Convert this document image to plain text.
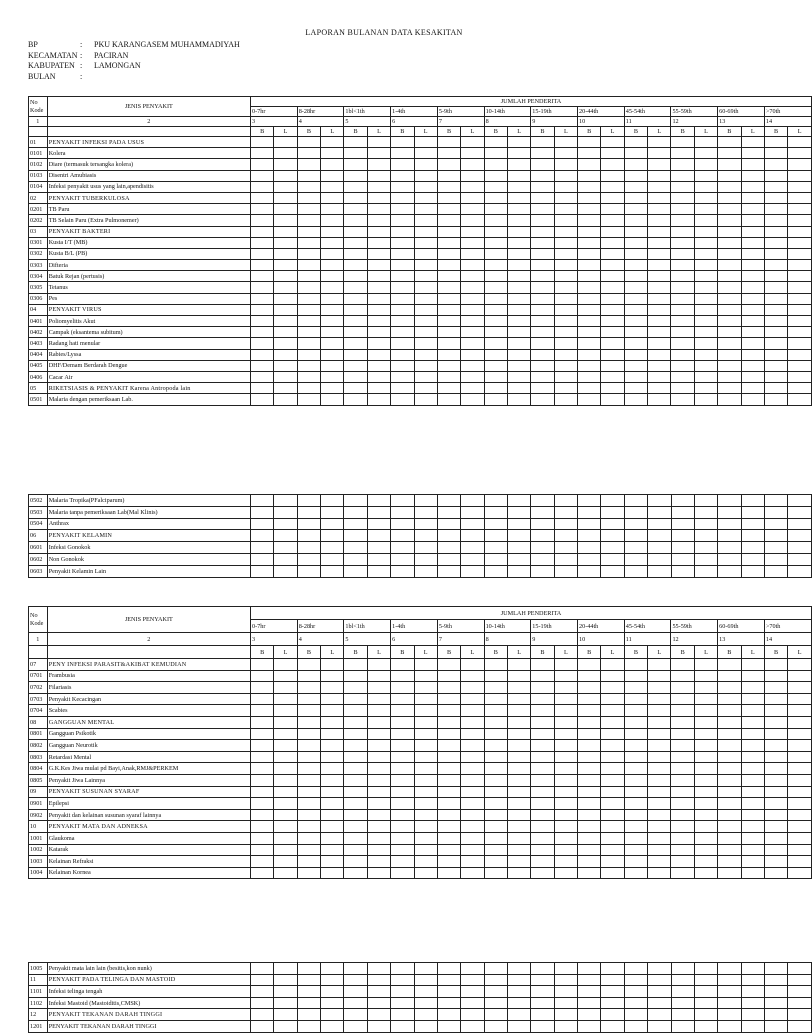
LAPORAN BULANAN DATA KESAKITAN
BP	:	PKU KARANGASEM MUHAMMADIYAH
KECAMATAN :	PACIRAN
KABUPATEN :	LAMONGAN
BULAN	:
No
Kode	JENIS PENYAKIT	JUMLAH PENDERITA																							
		0-7hr		8-28hr		1bl<1th		1-4th		5-9th		10-14th		15-19th		20-44th		45-54th		55-59th		60-69th		>70th	
1	2	3		4		5		6		7		8		9		10		11		12		13		14	
		B	L	B	L	B	L	B	L	B	L	B	L	B	L	B	L	B	L	B	L	B	L	B	L
01	PENYAKIT INFEKSI PADA USUS																								
0101	Kolera																								
0102	Diare (termasuk tersangka kolera)																								
0103	Disentri Amubiasis																								
0104	Infeksi penyakit usus yang lain,apendisitis																								
02	PENYAKIT TUBERKULOSA																								
0201	TB Paru																								
0202	TB Selain Paru (Extra Pulmonemer)																								
03	PENYAKIT BAKTERI																								
0301	Kusta I/T (MB)																								
0302	Kusta B/L (PB)																								
0303	Difteria																								
0304	Batuk Rejan (pertusis)																								
0305	Tetanus																								
0306	Pes																								
04	PENYAKIT VIRUS																								
0401	Poliomyelitis Akut																								
0402	Campak (eksantema subitum)																								
0403	Radang hati menular																								
0404	Rabies/Lyssa																								
0405	DHF/Demam Berdarah Dengue																								
0406	Cacar Air																								
05	RIKETSIASIS & PENYAKIT Karena Antropoda lain																								
0501	Malaria dengan pemeriksaan Lab.																								
0502	Malaria Tropika(PFalciparum)																								
0503	Malaria tanpa pemeriksaan Lab(Mal Klinis)																								
0504	Anthrax																								
06	PENYAKIT KELAMIN																								
0601	Infeksi Gonokok																								
0602	Non Gonokok																								
0603	Penyakit Kelamin Lain																								
No
Kode	JENIS PENYAKIT	JUMLAH PENDERITA																							
		0-7hr		8-28hr		1bl<1th		1-4th		5-9th		10-14th		15-19th		20-44th		45-54th		55-59th		60-69th		>70th	
1	2	3		4		5		6		7		8		9		10		11		12		13		14	
		B	L	B	L	B	L	B	L	B	L	B	L	B	L	B	L	B	L	B	L	B	L	B	L
07	PENY INFEKSI PARASIT&AKIBAT KEMUDIAN																								
0701	Frambusia																								
0702	Filariasis																								
0703	Penyakit Kecacingan																								
0704	Scabies																								
08	GANGGUAN MENTAL																								
0801	Gangguan Psikotik																								
0802	Gangguan Neurotik																								
0803	Retardasi Mental																								
0804	G.K.Kes Jiwa mulai pd Bayi,Anak,RMJ&PERKEM																								
0805	Penyakit Jiwa Lainnya																								
09	PENYAKIT SUSUNAN SYARAF																								
0901	Epilepsi																								
0902	Penyakit dan kelainan susunan syaraf lainnya																								
10	PENYAKIT MATA DAN ADNEKSA																								
1001	Glaukoma																								
1002	Katarak																								
1003	Kelainan Refraksi																								
1004	Kelainan Kornea																								
1005	Penyakit mata lain lain (besitis,kon nunk)																								
11	PENYAKIT PADA TELINGA DAN MASTOID																								
1101	Infeksi telinga tengah																								
1102	Infeksi Mastoid (Mastoiditis,CMSK)																								
12	PENYAKIT TEKANAN DARAH TINGGI																								
1201	PENYAKIT TEKANAN DARAH TINGGI																								
